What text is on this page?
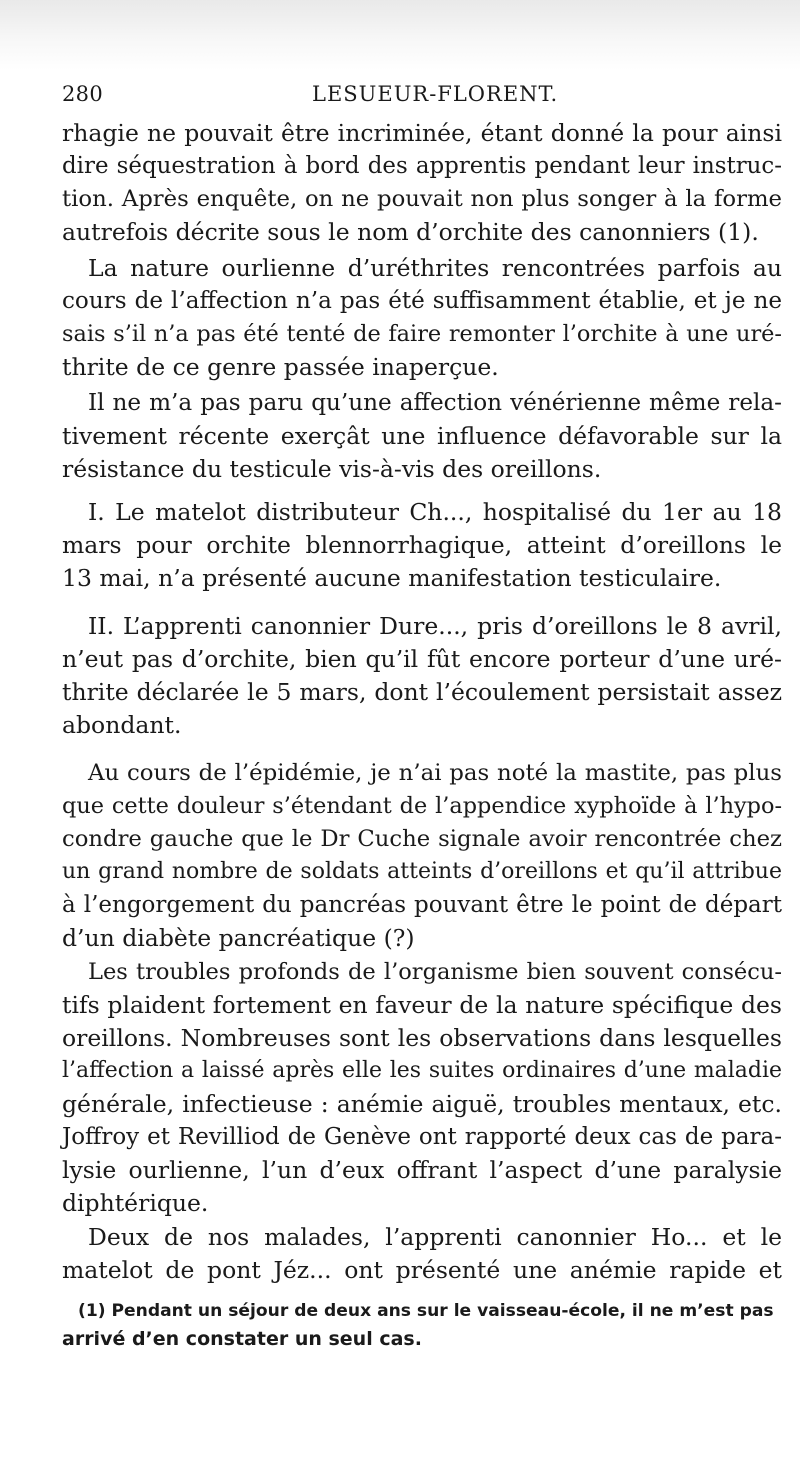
280	LESUEUR-FLORENT.
rhagie ne pouvait être incriminée, étant donné la pour ainsi
dire séquestration à bord des apprentis pendant leur instruc-
tion. Après enquête, on ne pouvait non plus songer à la forme
autrefois décrite sous le nom d’orchite des canonniers (1).
La nature ourlienne d’uréthrites rencontrées parfois au
cours de l’affection n’a pas été suffisamment établie, et je ne
sais s’il n’a pas été tenté de faire remonter l’orchite à une uré-
thrite de ce genre passée inaperçue.
Il ne m’a pas paru qu’une affection vénérienne même rela-
tivement récente exerçât une influence défavorable sur la
résistance du testicule vis-à-vis des oreillons.
I. Le matelot distributeur Ch..., hospitalisé du 1er au 18
mars pour orchite blennorrhagique, atteint d’oreillons le
13 mai, n’a présenté aucune manifestation testiculaire.
II. L’apprenti canonnier Dure..., pris d’oreillons le 8 avril,
n’eut pas d’orchite, bien qu’il fût encore porteur d’une uré-
thrite déclarée le 5 mars, dont l’écoulement persistait assez
abondant.
Au cours de l’épidémie, je n’ai pas noté la mastite, pas plus
que cette douleur s’étendant de l’appendice xyphoïde à l’hypo-
condre gauche que le Dr Cuche signale avoir rencontrée chez
un grand nombre de soldats atteints d’oreillons et qu’il attribue
à l’engorgement du pancréas pouvant être le point de départ
d’un diabète pancréatique (?)
Les troubles profonds de l’organisme bien souvent consécu-
tifs plaident fortement en faveur de la nature spécifique des
oreillons. Nombreuses sont les observations dans lesquelles
l’affection a laissé après elle les suites ordinaires d’une maladie
générale, infectieuse : anémie aiguë, troubles mentaux, etc.
Joffroy et Revilliod de Genève ont rapporté deux cas de para-
lysie ourlienne, l’un d’eux offrant l’aspect d’une paralysie
diphtérique.
Deux de nos malades, l’apprenti canonnier Ho... et le
matelot de pont Jéz... ont présenté une anémie rapide et
(1) Pendant un séjour de deux ans sur le vaisseau-école, il ne m’est pas
arrivé d’en constater un seul cas.
